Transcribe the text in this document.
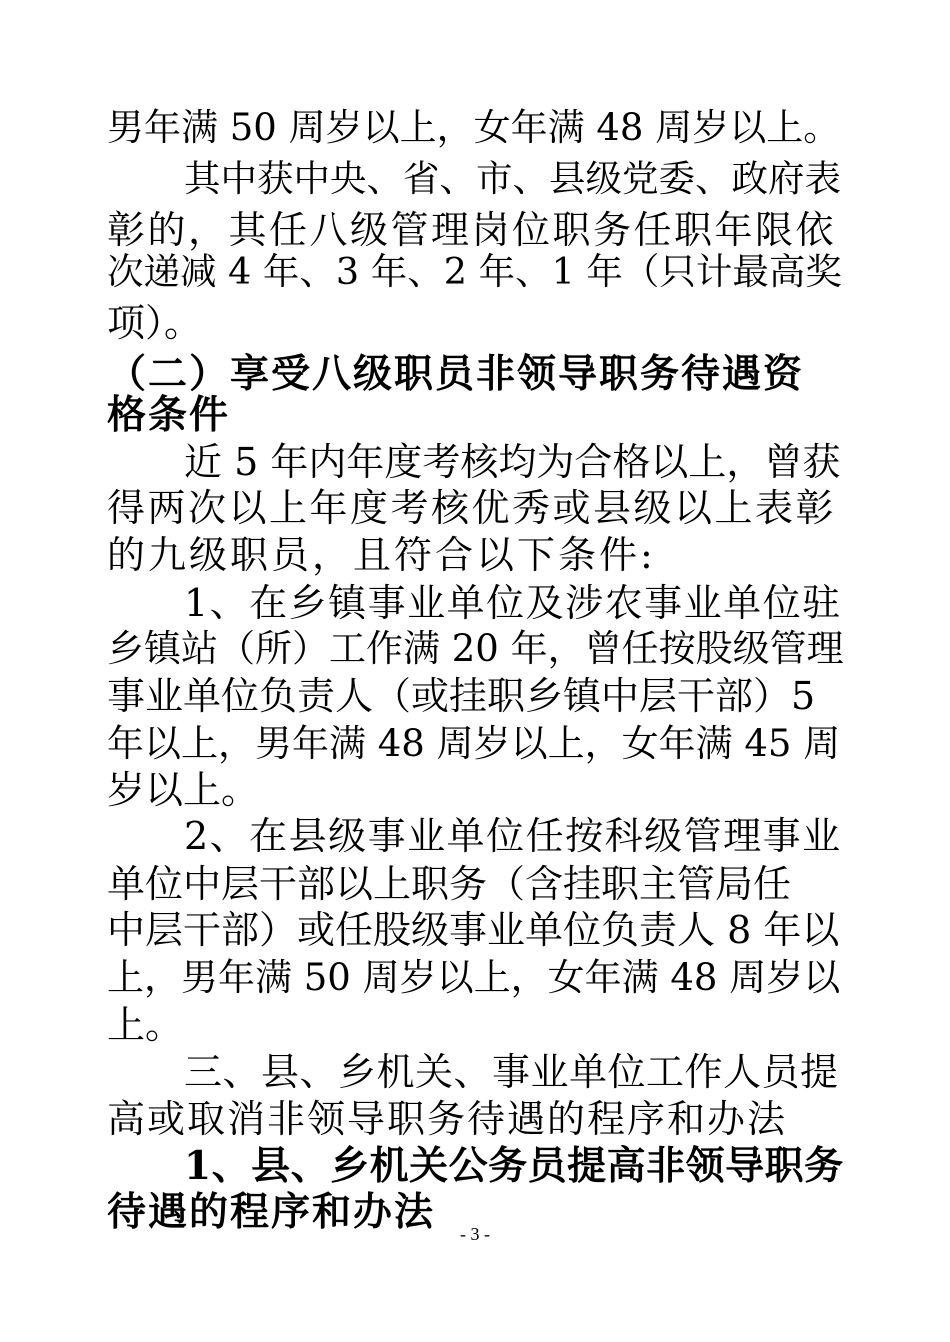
男年满 50 周岁以上，女年满 48 周岁以上。
其中获中央、省、市、县级党委、政府表
彰的，其任八级管理岗位职务任职年限依
次递减 4 年、3 年、2 年、1 年（只计最高奖
项）。
（二）享受八级职员非领导职务待遇资
格条件
近 5 年内年度考核均为合格以上，曾获
得两次以上年度考核优秀或县级以上表彰
的九级职员，且符合以下条件:
1、在乡镇事业单位及涉农事业单位驻
乡镇站（所）工作满 20 年，曾任按股级管理
事业单位负责人（或挂职乡镇中层干部）5
年以上，男年满 48 周岁以上，女年满 45 周
岁以上。
2、在县级事业单位任按科级管理事业
单位中层干部以上职务（含挂职主管局任
中层干部）或任股级事业单位负责人 8 年以
上，男年满 50 周岁以上，女年满 48 周岁以
上。
三、县、乡机关、事业单位工作人员提
高或取消非领导职务待遇的程序和办法
1、县、乡机关公务员提高非领导职务
待遇的程序和办法	- 3 -
